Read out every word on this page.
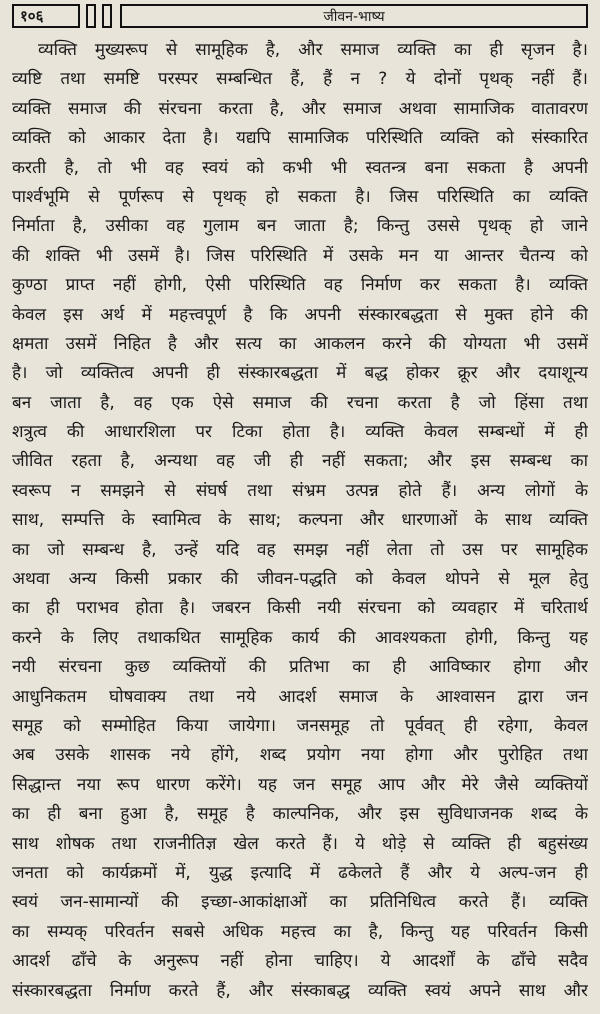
१०६	जीवन-भाष्य
व्यक्ति मुख्यरूप से सामूहिक है, और समाज व्यक्ति का ही सृजन है।
व्यष्टि तथा समष्टि परस्पर सम्बन्धित हैं, हैं न ? ये दोनों पृथक् नहीं हैं।
व्यक्ति समाज की संरचना करता है, और समाज अथवा सामाजिक वातावरण
व्यक्ति को आकार देता है। यद्यपि सामाजिक परिस्थिति व्यक्ति को संस्कारित
करती है, तो भी वह स्वयं को कभी भी स्वतन्त्र बना सकता है अपनी
पार्श्वभूमि से पूर्णरूप से पृथक् हो सकता है। जिस परिस्थिति का व्यक्ति
निर्माता है, उसीका वह गुलाम बन जाता है; किन्तु उससे पृथक् हो जाने
की शक्ति भी उसमें है। जिस परिस्थिति में उसके मन या आन्तर चैतन्य को
कुण्ठा प्राप्त नहीं होगी, ऐसी परिस्थिति वह निर्माण कर सकता है। व्यक्ति
केवल इस अर्थ में महत्त्वपूर्ण है कि अपनी संस्कारबद्धता से मुक्त होने की
क्षमता उसमें निहित है और सत्य का आकलन करने की योग्यता भी उसमें
है। जो व्यक्तित्व अपनी ही संस्कारबद्धता में बद्ध होकर क्रूर और दयाशून्य
बन जाता है, वह एक ऐसे समाज की रचना करता है जो हिंसा तथा
शत्रुत्व की आधारशिला पर टिका होता है। व्यक्ति केवल सम्बन्धों में ही
जीवित रहता है, अन्यथा वह जी ही नहीं सकता; और इस सम्बन्ध का
स्वरूप न समझने से संघर्ष तथा संभ्रम उत्पन्न होते हैं। अन्य लोगों के
साथ, सम्पत्ति के स्वामित्व के साथ; कल्पना और धारणाओं के साथ व्यक्ति
का जो सम्बन्ध है, उन्हें यदि वह समझ नहीं लेता तो उस पर सामूहिक
अथवा अन्य किसी प्रकार की जीवन-पद्धति को केवल थोपने से मूल हेतु
का ही पराभव होता है। जबरन किसी नयी संरचना को व्यवहार में चरितार्थ
करने के लिए तथाकथित सामूहिक कार्य की आवश्यकता होगी, किन्तु यह
नयी संरचना कुछ व्यक्तियों की प्रतिभा का ही आविष्कार होगा और
आधुनिकतम घोषवाक्य तथा नये आदर्श समाज के आश्वासन द्वारा जन
समूह को सम्मोहित किया जायेगा। जनसमूह तो पूर्ववत् ही रहेगा, केवल
अब उसके शासक नये होंगे, शब्द प्रयोग नया होगा और पुरोहित तथा
सिद्धान्त नया रूप धारण करेंगे। यह जन समूह आप और मेरे जैसे व्यक्तियों
का ही बना हुआ है, समूह है काल्पनिक, और इस सुविधाजनक शब्द के
साथ शोषक तथा राजनीतिज्ञ खेल करते हैं। ये थोड़े से व्यक्ति ही बहुसंख्य
जनता को कार्यक्रमों में, युद्ध इत्यादि में ढकेलते हैं और ये अल्प-जन ही
स्वयं जन-सामान्यों की इच्छा-आकांक्षाओं का प्रतिनिधित्व करते हैं। व्यक्ति
का सम्यक् परिवर्तन सबसे अधिक महत्त्व का है, किन्तु यह परिवर्तन किसी
आदर्श ढाँचे के अनुरूप नहीं होना चाहिए। ये आदर्शों के ढाँचे सदैव
संस्कारबद्धता निर्माण करते हैं, और संस्काबद्ध व्यक्ति स्वयं अपने साथ और
